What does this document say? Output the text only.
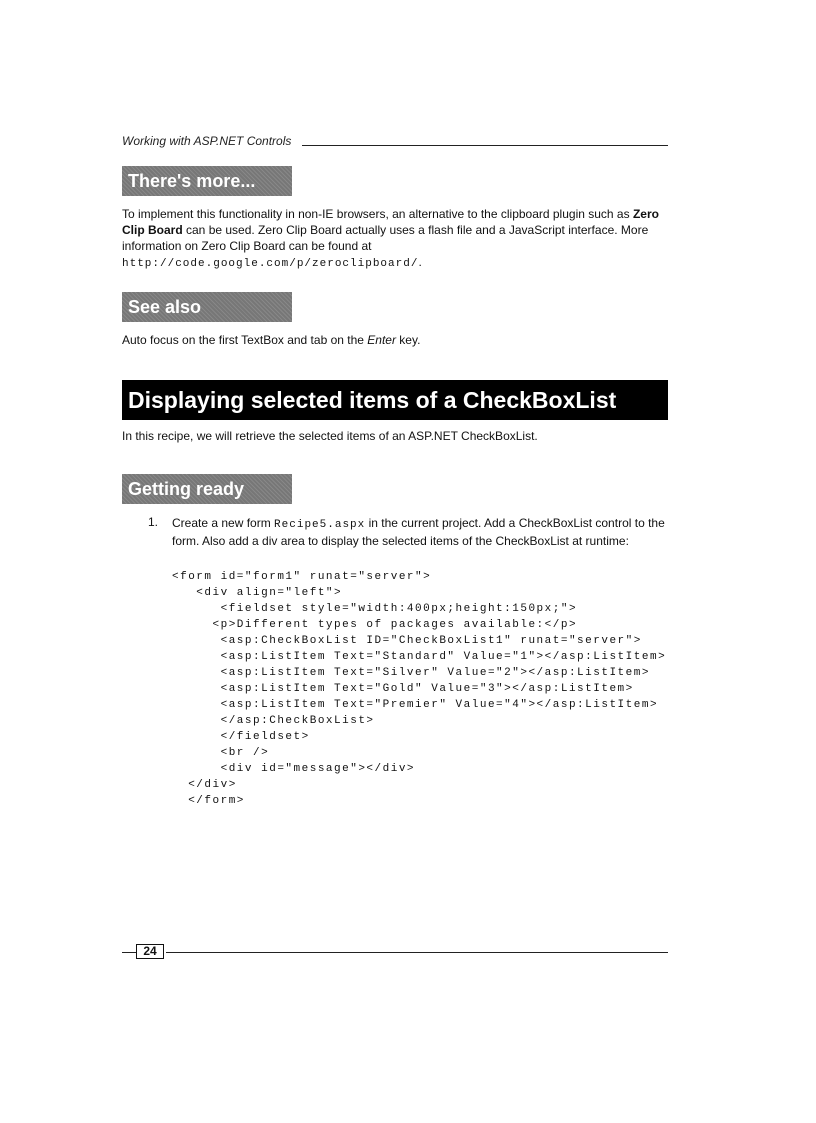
Working with ASP.NET Controls
There's more...
To implement this functionality in non-IE browsers, an alternative to the clipboard plugin such as Zero Clip Board can be used. Zero Clip Board actually uses a flash file and a JavaScript interface. More information on Zero Clip Board can be found at http://code.google.com/p/zeroclipboard/.
See also
Auto focus on the first TextBox and tab on the Enter key.
Displaying selected items of a CheckBoxList
In this recipe, we will retrieve the selected items of an ASP.NET CheckBoxList.
Getting ready
1. Create a new form Recipe5.aspx in the current project. Add a CheckBoxList control to the form. Also add a div area to display the selected items of the CheckBoxList at runtime:
<form id="form1" runat="server">
<div align="left">
<fieldset style="width:400px;height:150px;">
<p>Different types of packages available:</p>
<asp:CheckBoxList ID="CheckBoxList1" runat="server">
<asp:ListItem Text="Standard" Value="1"></asp:ListItem>
<asp:ListItem Text="Silver" Value="2"></asp:ListItem>
<asp:ListItem Text="Gold" Value="3"></asp:ListItem>
<asp:ListItem Text="Premier" Value="4"></asp:ListItem>
</asp:CheckBoxList>
</fieldset>
<br />
<div id="message"></div>
</div>
</form>
24
